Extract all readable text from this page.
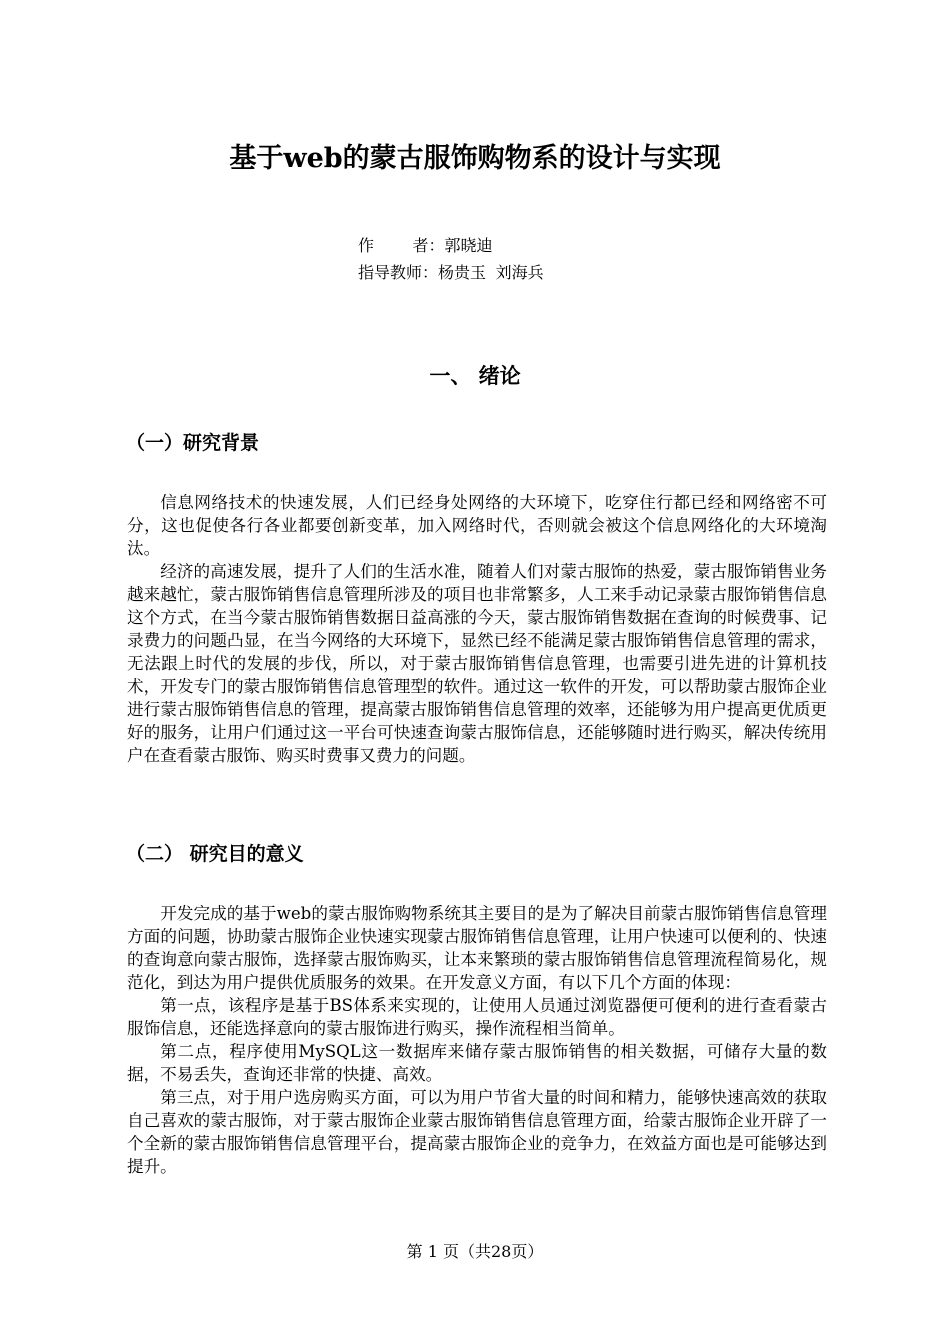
基于web的蒙古服饰购物系的设计与实现
作    者：郭晓迪
指导教师：杨贵玉 刘海兵
一、 绪论
（一）研究背景

信息网络技术的快速发展，人们已经身处网络的大环境下，吃穿住行都已经和网络密不可分，这也促使各行各业都要创新变革，加入网络时代，否则就会被这个信息网络化的大环境淘汰。

经济的高速发展，提升了人们的生活水准，随着人们对蒙古服饰的热爱，蒙古服饰销售业务越来越忙，蒙古服饰销售信息管理所涉及的项目也非常繁多，人工来手动记录蒙古服饰销售信息这个方式，在当今蒙古服饰销售数据日益高涨的今天，蒙古服饰销售数据在查询的时候费事、记录费力的问题凸显，在当今网络的大环境下，显然已经不能满足蒙古服饰销售信息管理的需求，无法跟上时代的发展的步伐，所以，对于蒙古服饰销售信息管理，也需要引进先进的计算机技术，开发专门的蒙古服饰销售信息管理型的软件。通过这一软件的开发，可以帮助蒙古服饰企业进行蒙古服饰销售信息的管理，提高蒙古服饰销售信息管理的效率，还能够为用户提高更优质更好的服务，让用户们通过这一平台可快速查询蒙古服饰信息，还能够随时进行购买，解决传统用户在查看蒙古服饰、购买时费事又费力的问题。

（二） 研究目的意义

开发完成的基于web的蒙古服饰购物系统其主要目的是为了解决目前蒙古服饰销售信息管理方面的问题，协助蒙古服饰企业快速实现蒙古服饰销售信息管理，让用户快速可以便利的、快速的查询意向蒙古服饰，选择蒙古服饰购买，让本来繁琐的蒙古服饰销售信息管理流程简易化，规范化，到达为用户提供优质服务的效果。在开发意义方面，有以下几个方面的体现：

第一点，该程序是基于BS体系来实现的，让使用人员通过浏览器便可便利的进行查看蒙古服饰信息，还能选择意向的蒙古服饰进行购买，操作流程相当简单。

第二点，程序使用MySQL这一数据库来储存蒙古服饰销售的相关数据，可储存大量的数据，不易丢失，查询还非常的快捷、高效。

第三点，对于用户选房购买方面，可以为用户节省大量的时间和精力，能够快速高效的获取自己喜欢的蒙古服饰，对于蒙古服饰企业蒙古服饰销售信息管理方面，给蒙古服饰企业开辟了一个全新的蒙古服饰销售信息管理平台，提高蒙古服饰企业的竞争力，在效益方面也是可能够达到提升。

第 1 页（共28页）
